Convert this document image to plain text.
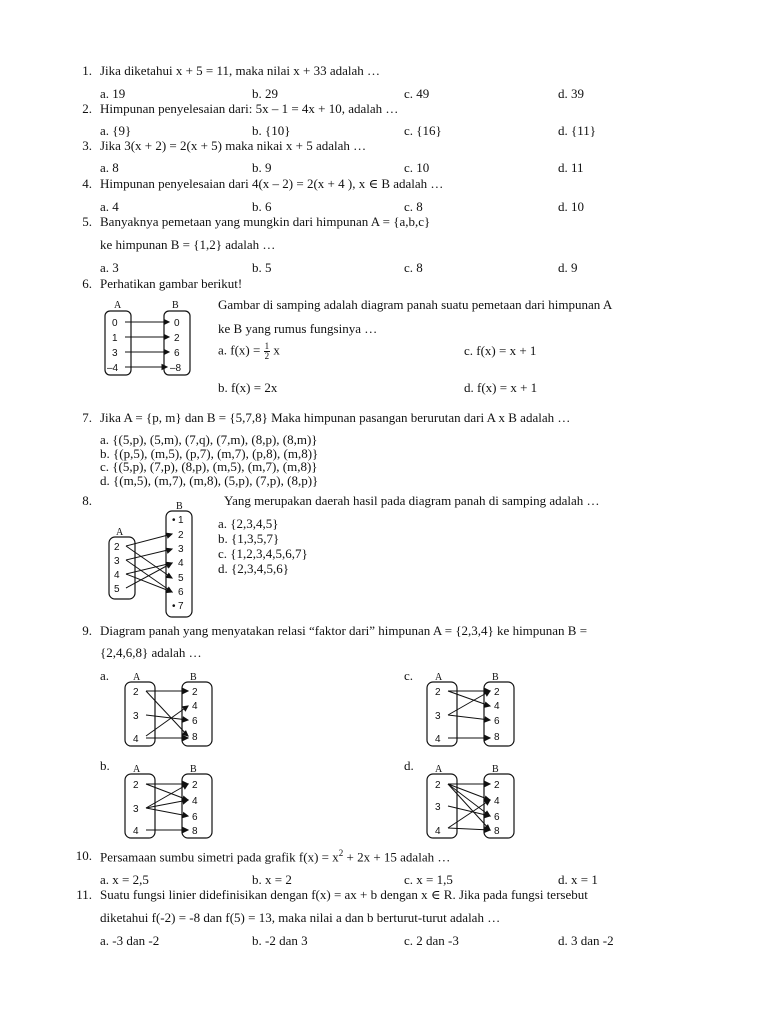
1. Jika diketahui x + 5 = 11, maka nilai x + 33 adalah …
a. 19	b. 29	c. 49	d. 39
2. Himpunan penyelesaian dari: 5x – 1 = 4x + 10, adalah …
a. {9}	b. {10}	c. {16}	d. {11}
3. Jika 3(x + 2) = 2(x + 5) maka nikai x + 5 adalah …
a. 8	b. 9	c. 10	d. 11
4. Himpunan penyelesaian dari 4(x – 2) = 2(x + 4 ), x ∈ B adalah …
a. 4	b. 6	c. 8	d. 10
5. Banyaknya pemetaan yang mungkin dari himpunan A = {a,b,c}
ke himpunan B = {1,2} adalah …
a. 3	b. 5	c. 8	d. 9
6. Perhatikan gambar berikut!
A	B
0
1
3
–4
0
2
6
–8
Gambar di samping adalah diagram panah suatu pemetaan dari himpunan A
ke B yang rumus fungsinya …
a. $f(x) = \frac{1}{2}$ x	c. f(x) = x + 1
b. f(x) = 2x	d. f(x) = x + 1
7. Jika A = {p, m} dan B = {5,7,8} Maka himpunan pasangan berurutan dari A x B adalah …
a. {(5,p), (5,m), (7,q), (7,m), (8,p), (8,m)}
b. {(p,5), (m,5), (p,7), (m,7), (p,8), (m,8)}
c. {(5,p), (7,p), (8,p), (m,5), (m,7), (m,8)}
d. {(m,5), (m,7), (m,8), (5,p), (7,p), (8,p)}
8.	Yang merupakan daerah hasil pada diagram panah di samping adalah …
a. {2,3,4,5}
b. {1,3,5,7}
c. {1,2,3,4,5,6,7}
d. {2,3,4,5,6}
B
A
2
3
4
5
• 1
2
3
4
5
6
• 7
9. Diagram panah yang menyatakan relasi “faktor dari” himpunan A = {2,3,4} ke himpunan B =
{2,4,6,8} adalah …
a.	c.
b.	d.
A	B
2
3
4
2
4
6
8
A	B
2
3
4
2
4
6
8
A	B
2
3
4
2
4
6
8
A	B
2
3
4
2
4
6
8
10. Persamaan sumbu simetri pada grafik $f(x) = x^2 + 2x + 15$ adalah …
a. x = 2,5	b. x = 2	c. x = 1,5	d. x = 1
11. Suatu fungsi linier didefinisikan dengan f(x) = ax + b dengan x ∈ R. Jika pada fungsi tersebut
diketahui f(-2) = -8 dan f(5) = 13, maka nilai a dan b berturut-turut adalah …
a. -3 dan -2	b. -2 dan 3	c. 2 dan -3	d. 3 dan -2
